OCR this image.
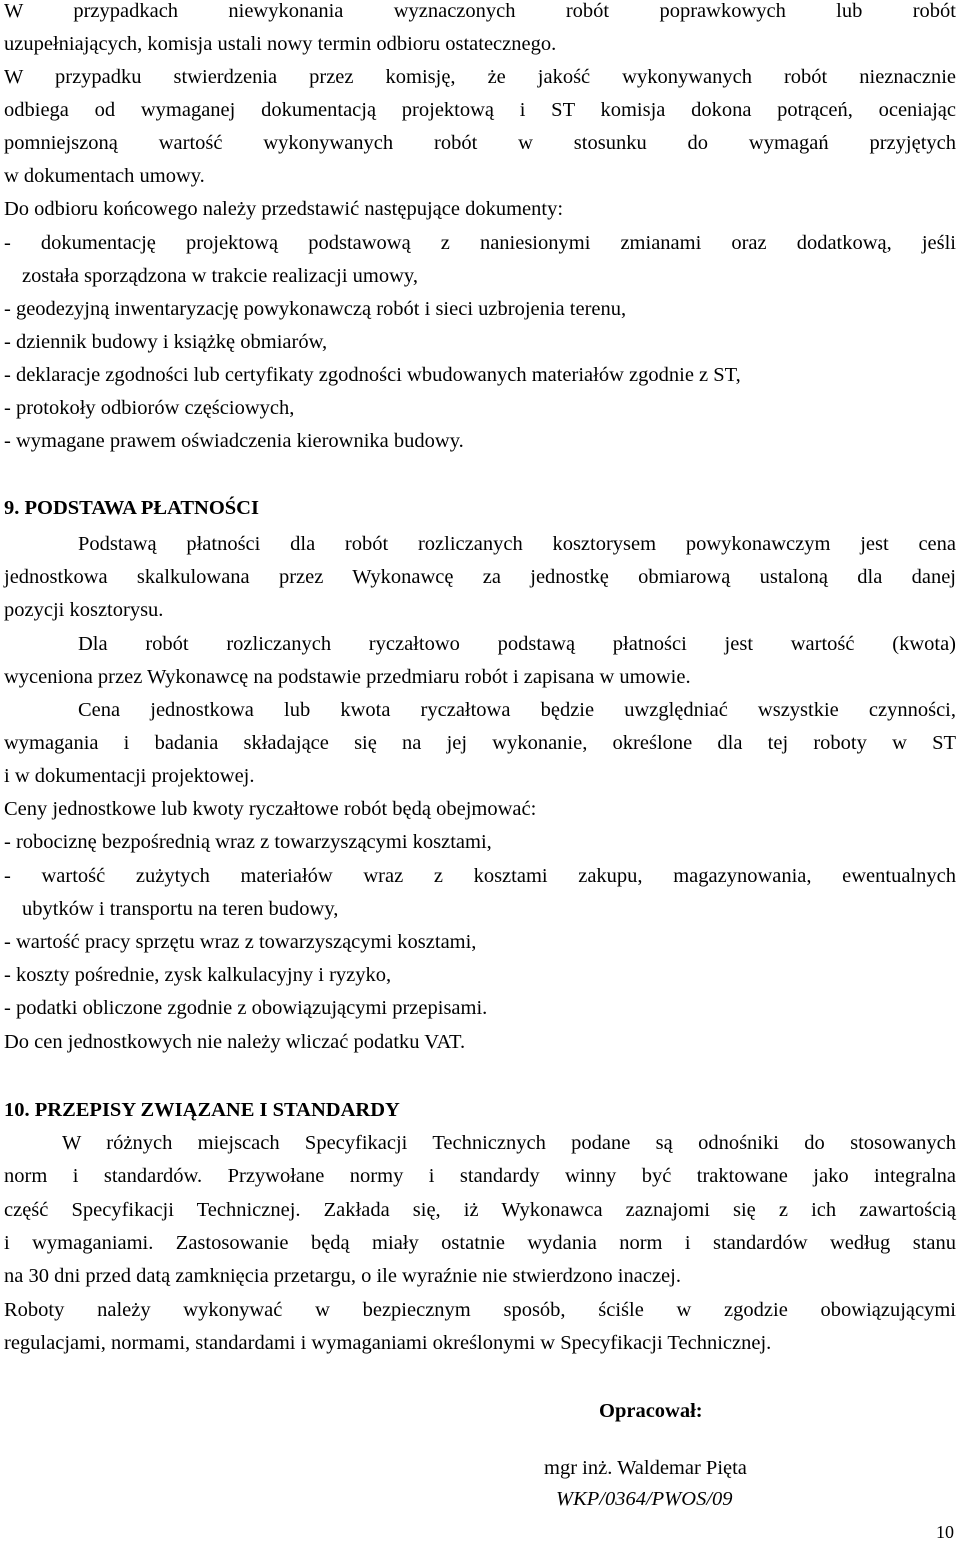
W przypadkach niewykonania wyznaczonych robót poprawkowych lub robót
uzupełniających, komisja ustali nowy termin odbioru ostatecznego.
W przypadku stwierdzenia przez komisję, że jakość wykonywanych robót nieznacznie
odbiega od wymaganej dokumentacją projektową i ST komisja dokona potrąceń, oceniając
pomniejszoną wartość wykonywanych robót w stosunku do wymagań przyjętych
w dokumentach umowy.
Do odbioru końcowego należy przedstawić następujące dokumenty:
- dokumentację projektową podstawową z naniesionymi zmianami oraz dodatkową, jeśli
została sporządzona w trakcie realizacji umowy,
- geodezyjną inwentaryzację powykonawczą robót i sieci uzbrojenia terenu,
- dziennik budowy i książkę obmiarów,
- deklaracje zgodności lub certyfikaty zgodności wbudowanych materiałów zgodnie z ST,
- protokoły odbiorów częściowych,
- wymagane prawem oświadczenia kierownika budowy.
9. PODSTAWA PŁATNOŚCI
Podstawą płatności dla robót rozliczanych kosztorysem powykonawczym jest cena
jednostkowa skalkulowana przez Wykonawcę za jednostkę obmiarową ustaloną dla danej
pozycji kosztorysu.
Dla robót rozliczanych ryczałtowo podstawą płatności jest wartość (kwota)
wyceniona przez Wykonawcę na podstawie przedmiaru robót i zapisana w umowie.
Cena jednostkowa lub kwota ryczałtowa będzie uwzględniać wszystkie czynności,
wymagania i badania składające się na jej wykonanie, określone dla tej roboty w ST
i w dokumentacji projektowej.
Ceny jednostkowe lub kwoty ryczałtowe robót będą obejmować:
- robociznę bezpośrednią wraz z towarzyszącymi kosztami,
- wartość zużytych materiałów wraz z kosztami zakupu, magazynowania, ewentualnych
ubytków i transportu na teren budowy,
- wartość pracy sprzętu wraz z towarzyszącymi kosztami,
- koszty pośrednie, zysk kalkulacyjny i ryzyko,
- podatki obliczone zgodnie z obowiązującymi przepisami.
Do cen jednostkowych nie należy wliczać podatku VAT.
10. PRZEPISY ZWIĄZANE I STANDARDY
W różnych miejscach Specyfikacji Technicznych podane są odnośniki do stosowanych
norm i standardów. Przywołane normy i standardy winny być traktowane jako integralna
część Specyfikacji Technicznej. Zakłada się, iż Wykonawca zaznajomi się z ich zawartością
i wymaganiami. Zastosowanie będą miały ostatnie wydania norm i standardów według stanu
na 30 dni przed datą zamknięcia przetargu, o ile wyraźnie nie stwierdzono inaczej.
Roboty należy wykonywać w bezpiecznym sposób, ściśle w zgodzie obowiązującymi
regulacjami, normami, standardami i wymaganiami określonymi w Specyfikacji Technicznej.
Opracował:
mgr inż. Waldemar Pięta
WKP/0364/PWOS/09
10
